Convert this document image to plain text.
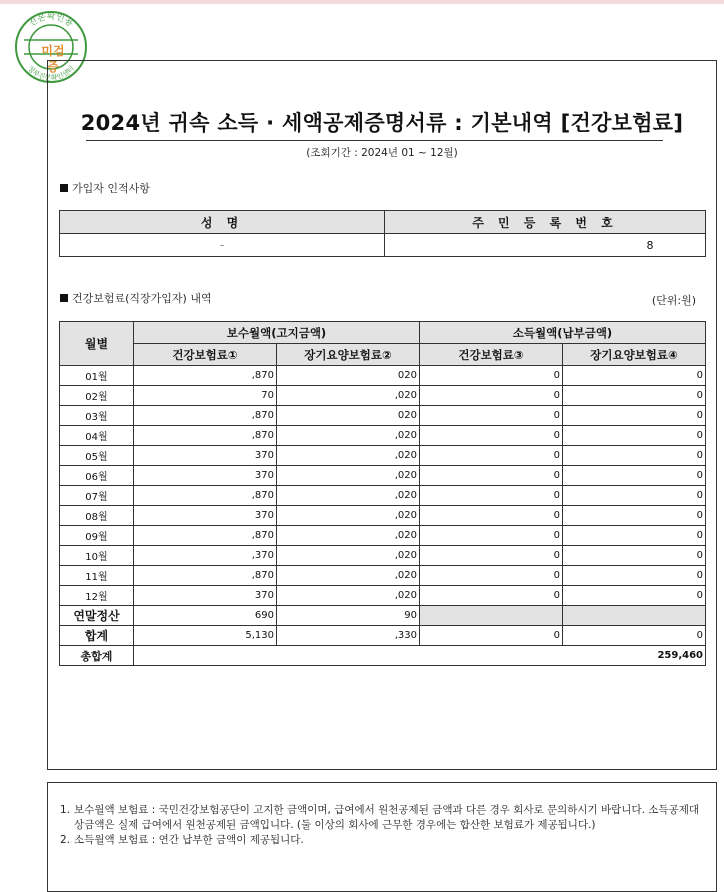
진본확인용
정부진본확인센터
미검증
2024년 귀속 소득 · 세액공제증명서류 : 기본내역 [건강보험료]
(조회기간 : 2024년 01 ~ 12월)
가입자 인적사항
성 명	주 민 등 록 번 호
-	8
건강보험료(직장가입자) 내역	(단위:원)
월별	보수월액(고지금액)		소득월액(납부금액)	
	건강보험료①	장기요양보험료②	건강보험료③	장기요양보험료④
01월	,870	020	0	0
02월	70	,020	0	0
03월	,870	020	0	0
04월	,870	,020	0	0
05월	370	,020	0	0
06월	370	,020	0	0
07월	,870	,020	0	0
08월	370	,020	0	0
09월	,870	,020	0	0
10월	,370	,020	0	0
11월	,870	,020	0	0
12월	370	,020	0	0
연말정산	690	90		
합계	5,130	,330	0	0
총합계	259,460			
1. 보수월액 보험료 : 국민건강보험공단이 고지한 금액이며, 급여에서 원천공제된 금액과 다른 경우 회사로 문의하시기 바랍니다. 소득공제대상금액은 실제 급여에서 원천공제된 금액입니다. (둘 이상의 회사에 근무한 경우에는 합산한 보험료가 제공됩니다.)
2. 소득월액 보험료 : 연간 납부한 금액이 제공됩니다.
